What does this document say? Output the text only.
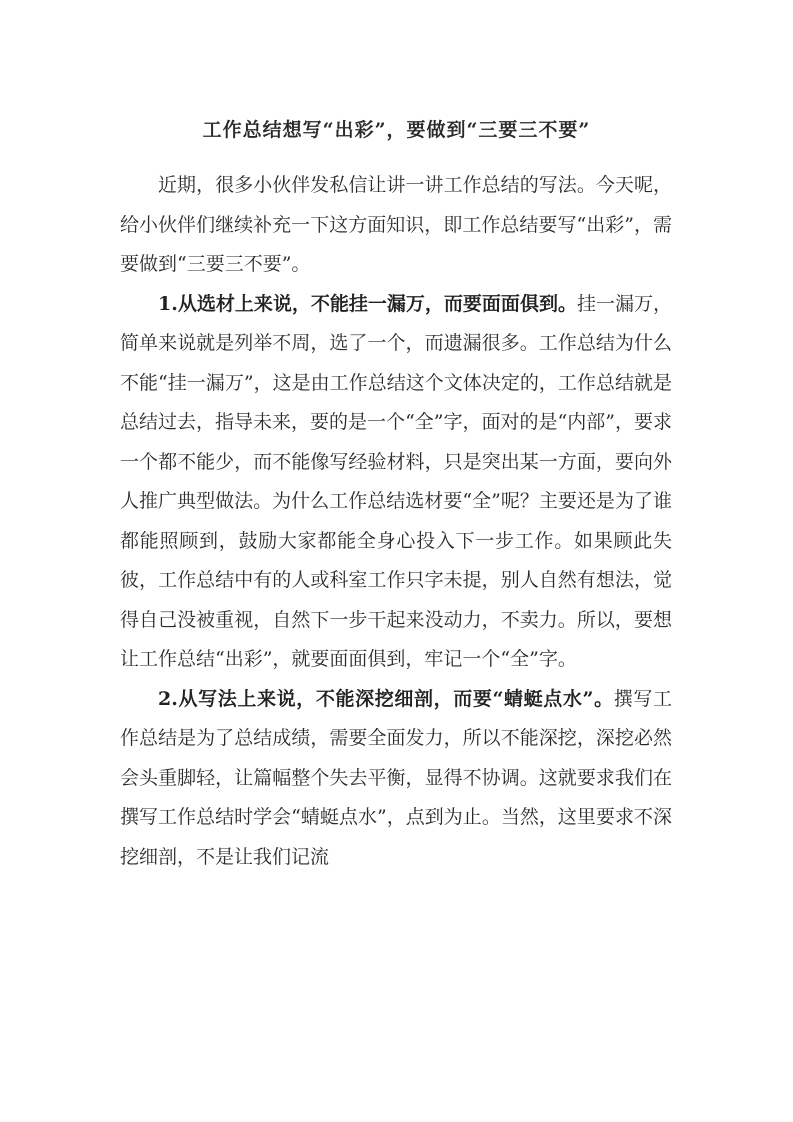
工作总结想写“出彩”，要做到“三要三不要”

近期，很多小伙伴发私信让讲一讲工作总结的写法。今天呢，给小伙伴们继续补充一下这方面知识，即工作总结要写“出彩”，需要做到“三要三不要”。

1.从选材上来说，不能挂一漏万，而要面面俱到。挂一漏万，简单来说就是列举不周，选了一个，而遗漏很多。工作总结为什么不能“挂一漏万”，这是由工作总结这个文体决定的，工作总结就是总结过去，指导未来，要的是一个“全”字，面对的是“内部”，要求一个都不能少，而不能像写经验材料，只是突出某一方面，要向外人推广典型做法。为什么工作总结选材要“全”呢？主要还是为了谁都能照顾到，鼓励大家都能全身心投入下一步工作。如果顾此失彼，工作总结中有的人或科室工作只字未提，别人自然有想法，觉得自己没被重视，自然下一步干起来没动力，不卖力。所以，要想让工作总结“出彩”，就要面面俱到，牢记一个“全”字。

2.从写法上来说，不能深挖细剖，而要“蜻蜓点水”。撰写工作总结是为了总结成绩，需要全面发力，所以不能深挖，深挖必然会头重脚轻，让篇幅整个失去平衡，显得不协调。这就要求我们在撰写工作总结时学会“蜻蜓点水”，点到为止。当然，这里要求不深挖细剖，不是让我们记流
